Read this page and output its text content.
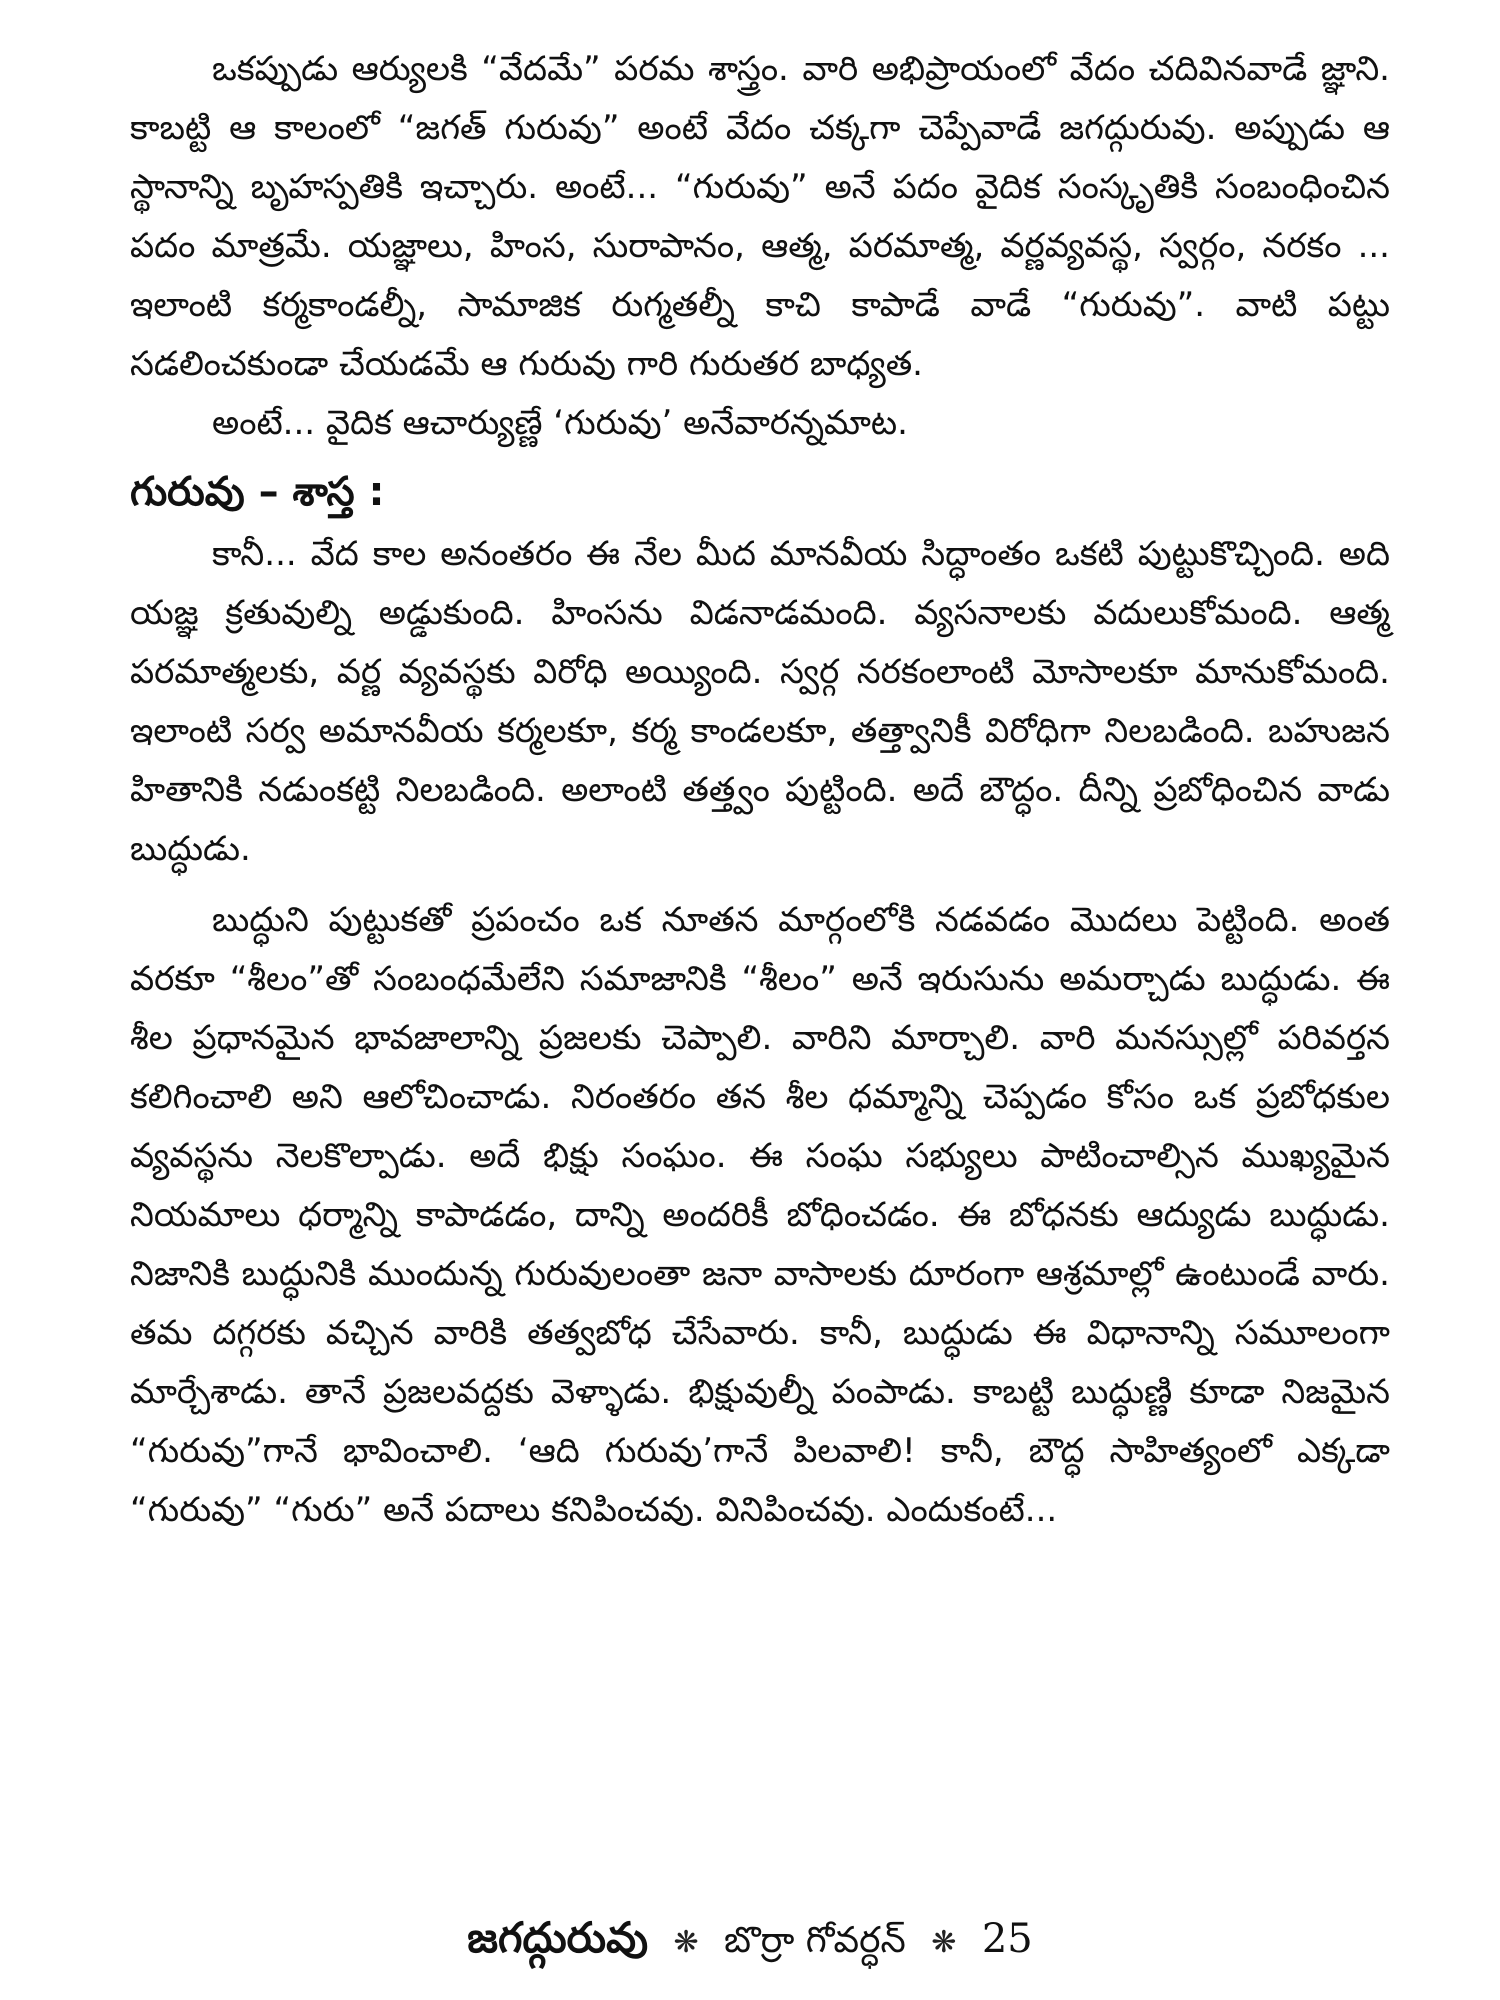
ఒకప్పుడు ఆర్యులకి “వేదమే” పరమ శాస్త్రం. వారి అభిప్రాయంలో వేదం చదివినవాడే జ్ఞాని. కాబట్టి ఆ కాలంలో “జగత్ గురువు” అంటే వేదం చక్కగా చెప్పేవాడే జగద్గురువు. అప్పుడు ఆ స్థానాన్ని బృహస్పతికి ఇచ్చారు. అంటే... “గురువు” అనే పదం వైదిక సంస్కృతికి సంబంధించిన పదం మాత్రమే. యజ్ఞాలు, హింస, సురాపానం, ఆత్మ, పరమాత్మ, వర్ణవ్యవస్థ, స్వర్గం, నరకం ... ఇలాంటి కర్మకాండల్నీ, సామాజిక రుగ్మతల్నీ కాచి కాపాడే వాడే “గురువు”. వాటి పట్టు సడలించకుండా చేయడమే ఆ గురువు గారి గురుతర బాధ్యత.

అంటే... వైదిక ఆచార్యుణ్ణే ‘గురువు’ అనేవారన్నమాట.

గురువు – శాస్త :

కానీ... వేద కాల అనంతరం ఈ నేల మీద మానవీయ సిద్ధాంతం ఒకటి పుట్టుకొచ్చింది. అది యజ్ఞ క్రతువుల్ని అడ్డుకుంది. హింసను విడనాడమంది. వ్యసనాలకు వదులుకోమంది. ఆత్మ పరమాత్మలకు, వర్ణ వ్యవస్థకు విరోధి అయ్యింది. స్వర్గ నరకంలాంటి మోసాలకూ మానుకోమంది. ఇలాంటి సర్వ అమానవీయ కర్మలకూ, కర్మ కాండలకూ, తత్త్వానికీ విరోధిగా నిలబడింది. బహుజన హితానికి నడుంకట్టి నిలబడింది. అలాంటి తత్త్వం పుట్టింది. అదే బౌద్ధం. దీన్ని ప్రబోధించిన వాడు బుద్ధుడు.

బుద్ధుని పుట్టుకతో ప్రపంచం ఒక నూతన మార్గంలోకి నడవడం మొదలు పెట్టింది. అంత వరకూ “శీలం”తో సంబంధమేలేని సమాజానికి “శీలం” అనే ఇరుసును అమర్చాడు బుద్ధుడు. ఈ శీల ప్రధానమైన భావజాలాన్ని ప్రజలకు చెప్పాలి. వారిని మార్చాలి. వారి మనస్సుల్లో పరివర్తన కలిగించాలి అని ఆలోచించాడు. నిరంతరం తన శీల ధమ్మాన్ని చెప్పడం కోసం ఒక ప్రబోధకుల వ్యవస్థను నెలకొల్పాడు. అదే భిక్షు సంఘం. ఈ సంఘ సభ్యులు పాటించాల్సిన ముఖ్యమైన నియమాలు ధర్మాన్ని కాపాడడం, దాన్ని అందరికీ బోధించడం. ఈ బోధనకు ఆద్యుడు బుద్ధుడు. నిజానికి బుద్ధునికి ముందున్న గురువులంతా జనా వాసాలకు దూరంగా ఆశ్రమాల్లో ఉంటుండే వారు. తమ దగ్గరకు వచ్చిన వారికి తత్వబోధ చేసేవారు. కానీ, బుద్ధుడు ఈ విధానాన్ని సమూలంగా మార్చేశాడు. తానే ప్రజలవద్దకు వెళ్ళాడు. భిక్షువుల్నీ పంపాడు. కాబట్టి బుద్ధుణ్ణి కూడా నిజమైన “గురువు”గానే భావించాలి. ‘ఆది గురువు’గానే పిలవాలి! కానీ, బౌద్ధ సాహిత్యంలో ఎక్కడా “గురువు” “గురు” అనే పదాలు కనిపించవు. వినిపించవు. ఎందుకంటే...

జగద్గురువు ❋ బొర్రా గోవర్ధన్ ❋ 25
